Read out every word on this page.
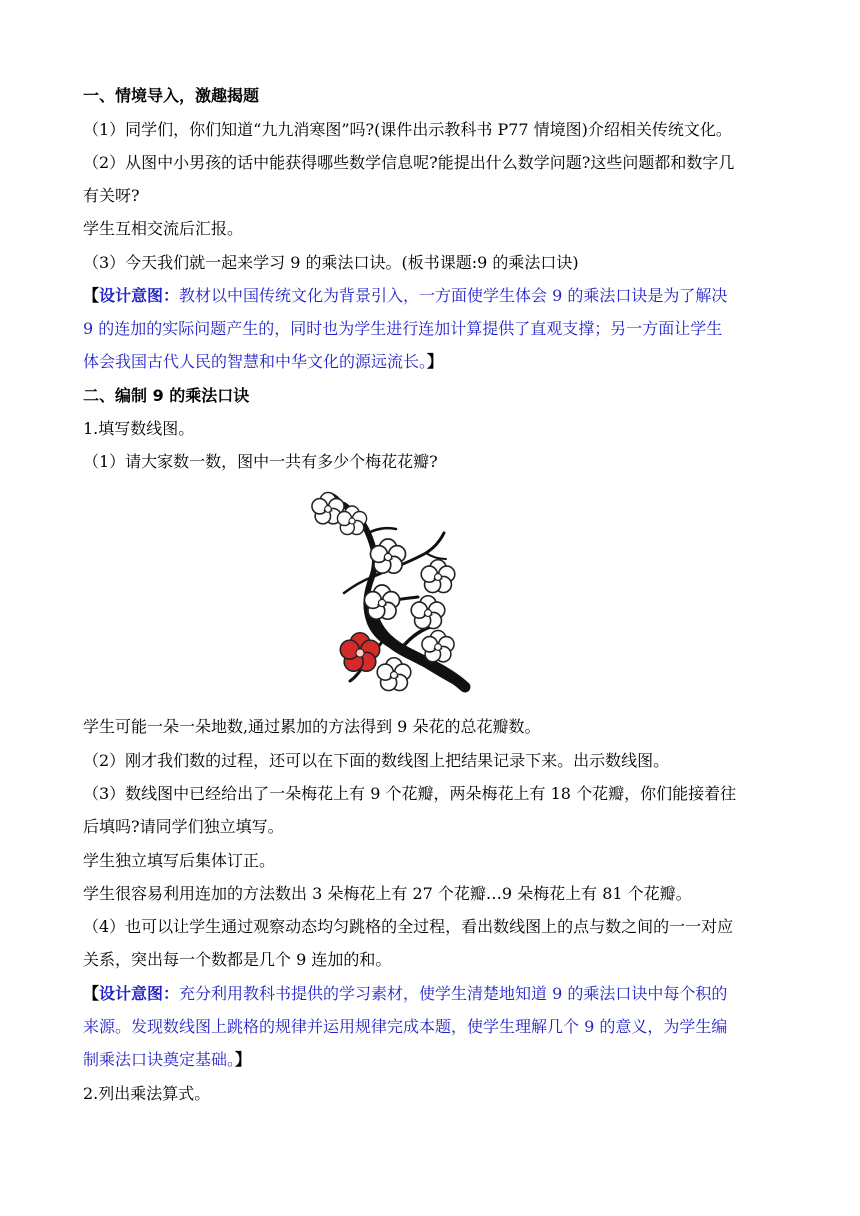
一、情境导入，激趣揭题
（1）同学们，你们知道“九九消寒图”吗?(课件出示教科书 P77 情境图)介绍相关传统文化。
（2）从图中小男孩的话中能获得哪些数学信息呢?能提出什么数学问题?这些问题都和数字几
有关呀?
学生互相交流后汇报。
（3）今天我们就一起来学习 9 的乘法口诀。(板书课题:9 的乘法口诀)
【设计意图：教材以中国传统文化为背景引入，一方面使学生体会 9 的乘法口诀是为了解决
9 的连加的实际问题产生的，同时也为学生进行连加计算提供了直观支撑；另一方面让学生
体会我国古代人民的智慧和中华文化的源远流长。】
二、编制 9 的乘法口诀
1.填写数线图。
（1）请大家数一数，图中一共有多少个梅花花瓣?
学生可能一朵一朵地数,通过累加的方法得到 9 朵花的总花瓣数。
（2）刚才我们数的过程，还可以在下面的数线图上把结果记录下来。出示数线图。
（3）数线图中已经给出了一朵梅花上有 9 个花瓣，两朵梅花上有 18 个花瓣，你们能接着往
后填吗?请同学们独立填写。
学生独立填写后集体订正。
学生很容易利用连加的方法数出 3 朵梅花上有 27 个花瓣…9 朵梅花上有 81 个花瓣。
（4）也可以让学生通过观察动态均匀跳格的全过程，看出数线图上的点与数之间的一一对应
关系，突出每一个数都是几个 9 连加的和。
【设计意图：充分利用教科书提供的学习素材，使学生清楚地知道 9 的乘法口诀中每个积的
来源。发现数线图上跳格的规律并运用规律完成本题，使学生理解几个 9 的意义，为学生编
制乘法口诀奠定基础。】
2.列出乘法算式。
